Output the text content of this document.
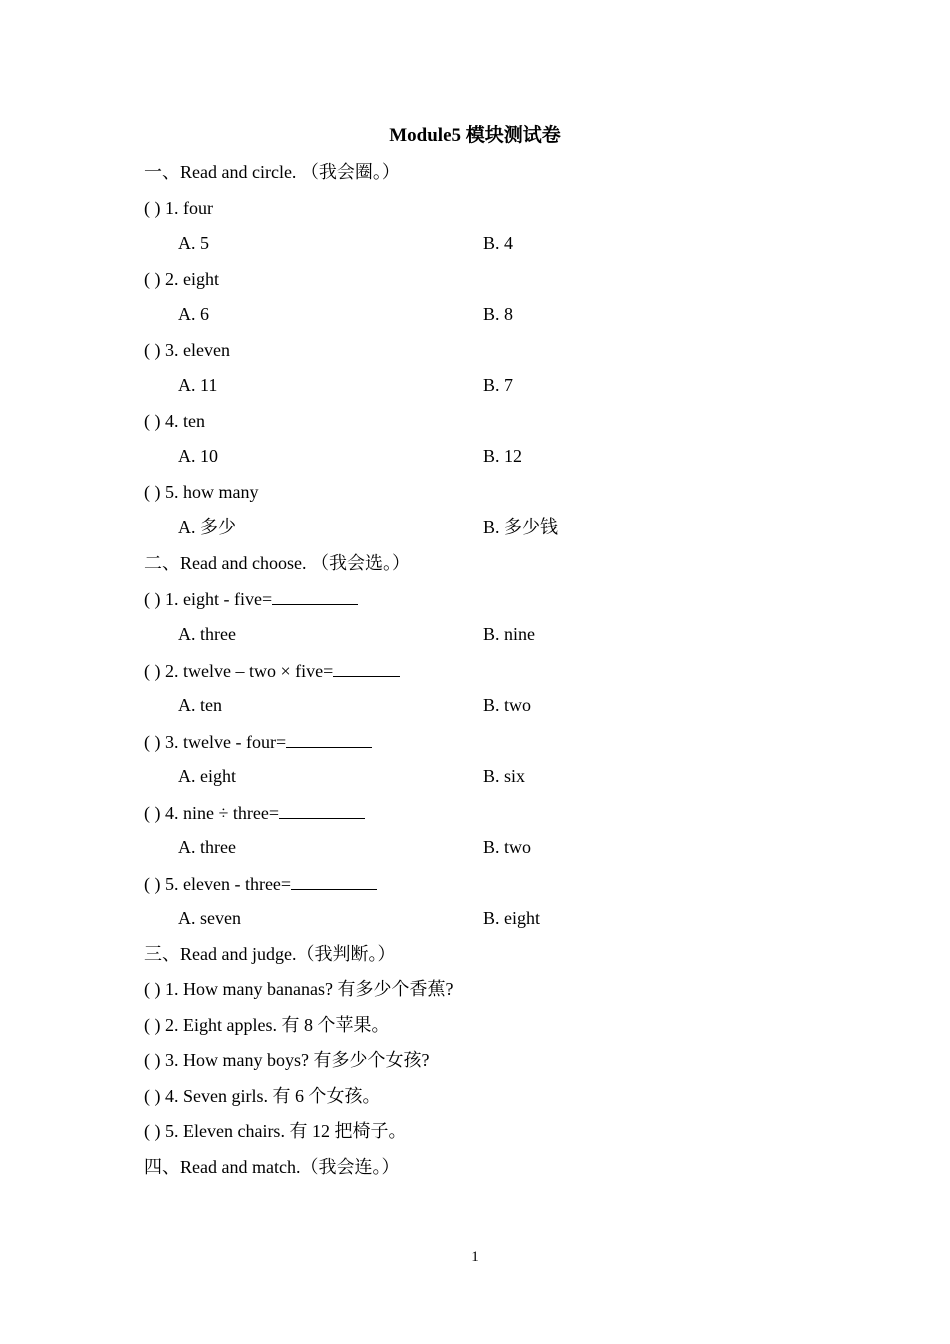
Module5 模块测试卷
一、Read and circle. （我会圈。）
( ) 1. four
A. 5	B. 4
( ) 2. eight
A. 6	B. 8
( ) 3. eleven
A. 11	B. 7
( ) 4. ten
A. 10	B. 12
( ) 5. how many
A. 多少	B. 多少钱
二、Read and choose. （我会选。）
( ) 1. eight - five=
A. three	B. nine
( ) 2. twelve – two × five=
A. ten	B. two
( ) 3. twelve - four=
A. eight	B. six
( ) 4. nine ÷ three=
A. three	B. two
( ) 5. eleven - three=
A. seven	B. eight
三、Read and judge.（我判断。）
( ) 1. How many bananas? 有多少个香蕉?
( ) 2. Eight apples. 有 8 个苹果。
( ) 3. How many boys? 有多少个女孩?
( ) 4. Seven girls. 有 6 个女孩。
( ) 5. Eleven chairs. 有 12 把椅子。
四、Read and match.（我会连。）
1
